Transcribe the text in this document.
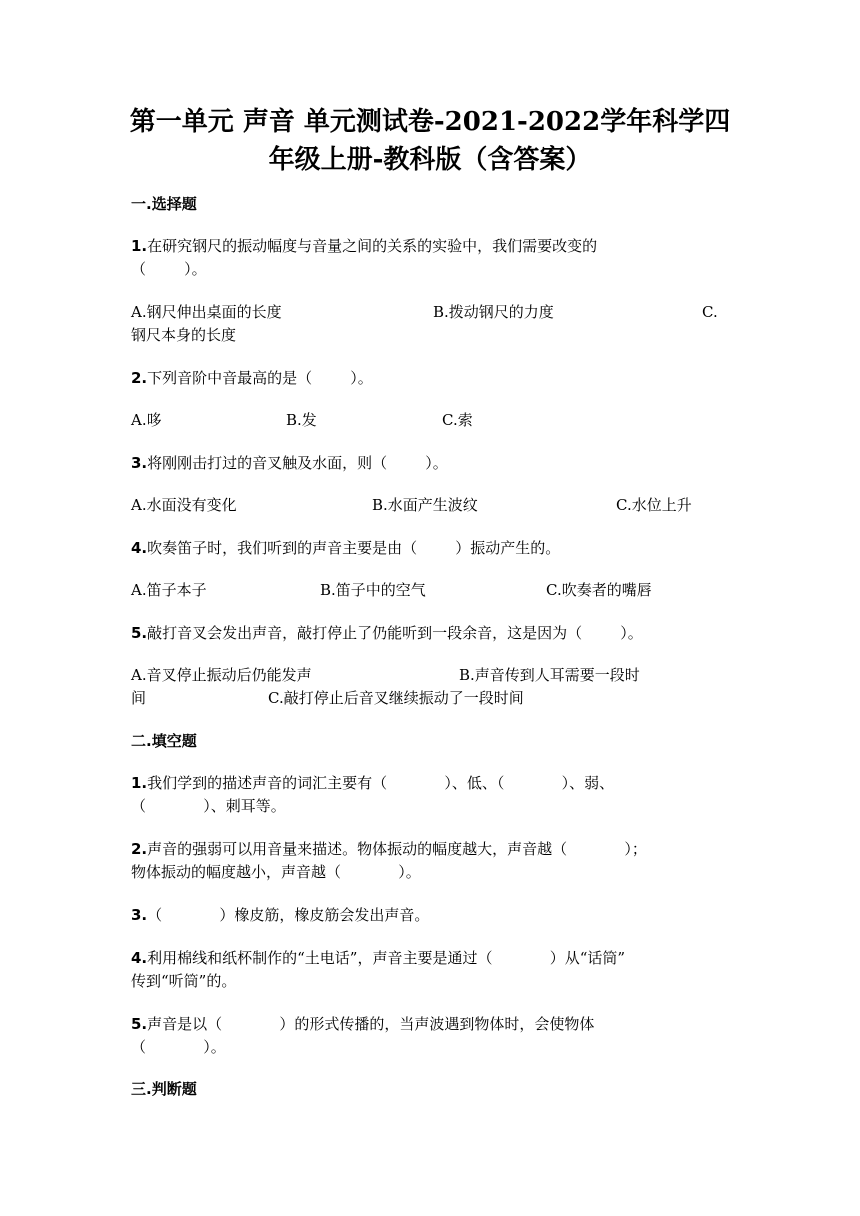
第一单元 声音 单元测试卷-2021-2022学年科学四
年级上册-教科版（含答案）
一.选择题
1.在研究钢尺的振动幅度与音量之间的关系的实验中，我们需要改变的
（        ）。
A.钢尺伸出桌面的长度	B.拨动钢尺的力度	C.
钢尺本身的长度
2.下列音阶中音最高的是（        ）。
A.哆	B.发	C.索
3.将刚刚击打过的音叉触及水面，则（        ）。
A.水面没有变化	B.水面产生波纹	C.水位上升
4.吹奏笛子时，我们听到的声音主要是由（        ）振动产生的。
A.笛子本子	B.笛子中的空气	C.吹奏者的嘴唇
5.敲打音叉会发出声音，敲打停止了仍能听到一段余音，这是因为（        ）。
A.音叉停止振动后仍能发声	B.声音传到人耳需要一段时
间	C.敲打停止后音叉继续振动了一段时间
二.填空题
1.我们学到的描述声音的词汇主要有（            ）、低、（            ）、弱、
（            ）、刺耳等。
2.声音的强弱可以用音量来描述。物体振动的幅度越大，声音越（            ）；
物体振动的幅度越小，声音越（            ）。
3.（            ）橡皮筋，橡皮筋会发出声音。
4.利用棉线和纸杯制作的“土电话”，声音主要是通过（            ）从“话筒”
传到“听筒”的。
5.声音是以（            ）的形式传播的，当声波遇到物体时，会使物体
（            ）。
三.判断题
